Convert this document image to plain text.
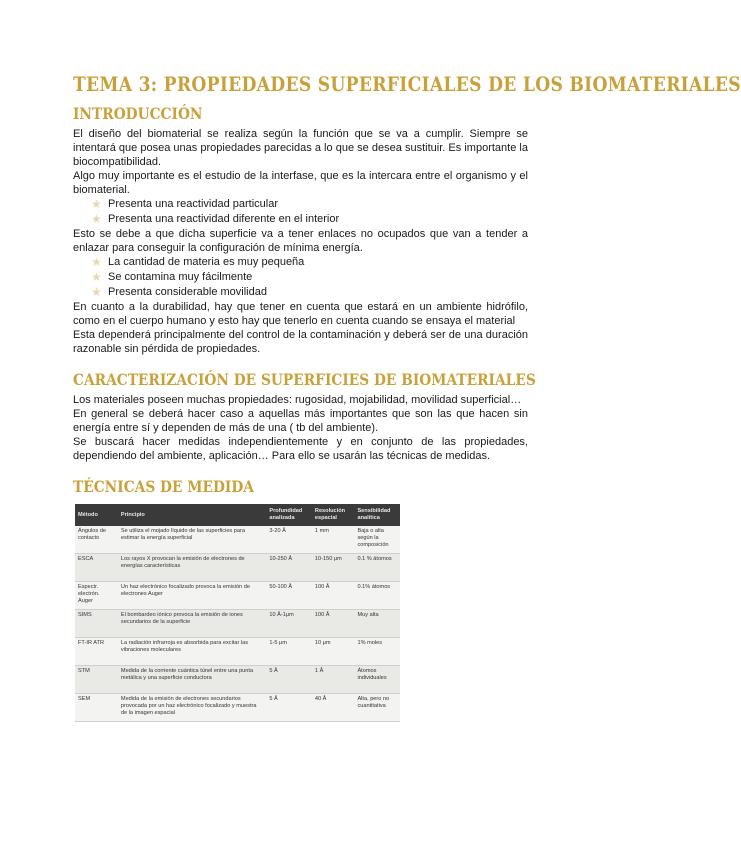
TEMA 3: PROPIEDADES SUPERFICIALES DE LOS BIOMATERIALES
INTRODUCCIÓN

El diseño del biomaterial se realiza según la función que se va a cumplir. Siempre se intentará que posea unas propiedades parecidas a lo que se desea sustituir. Es importante la biocompatibilidad.

Algo muy importante es el estudio de la interfase, que es la intercara entre el organismo y el biomaterial.

★ Presenta una reactividad particular
★ Presenta una reactividad diferente en el interior

Esto se debe a que dicha superficie va a tener enlaces no ocupados que van a tender a enlazar para conseguir la configuración de mínima energía.

★ La cantidad de materia es muy pequeña
★ Se contamina muy fácilmente
★ Presenta considerable movilidad

En cuanto a la durabilidad, hay que tener en cuenta que estará en un ambiente hidrófilo, como en el cuerpo humano y esto hay que tenerlo en cuenta cuando se ensaya el material

Esta dependerá principalmente del control de la contaminación y deberá ser de una duración razonable sin pérdida de propiedades.

CARACTERIZACIÓN DE SUPERFICIES DE BIOMATERIALES

Los materiales poseen muchas propiedades: rugosidad, mojabilidad, movilidad superficial…

En general se deberá hacer caso a aquellas más importantes que son las que hacen sin energía entre sí y dependen de más de una ( tb del ambiente).

Se buscará hacer medidas independientemente y en conjunto de las propiedades, dependiendo del ambiente, aplicación… Para ello se usarán las técnicas de medidas.

TÉCNICAS DE MEDIDA
Método	Principio	Profundidad analizada	Resolución espacial	Sensibilidad analítica
Ángulos de contacto	Se utiliza el mojado líquido de las superficies para estimar la energía superficial	3-20 Å	1 mm	Baja o alta según la composición
ESCA	Los rayos X provocan la emisión de electrones de energías características	10-250 Å	10-150 μm	0.1 % átomos
Espectr. electrón. Auger	Un haz electrónico focalizado provoca la emisión de electrones Auger	50-100 Å	100 Å	0.1% átomos
SIMS	El bombardeo iónico provoca la emisión de iones secundarios de la superficie	10 Å-1μm	100 Å	Muy alta
FT-IR ATR	La radiación infrarroja es absorbida para excitar las vibraciones moleculares	1-5 μm	10 μm	1% moles
STM	Medida de la corriente cuántica túnel entre una punta metálica y una superficie conductora	5 Å	1 Å	Átomos individuales
SEM	Medida de la emisión de electrones secundarios provocada por un haz electrónico focalizado y muestra de la imagen espacial	5 Å	40 Å	Alta, pero no cuantitativa
